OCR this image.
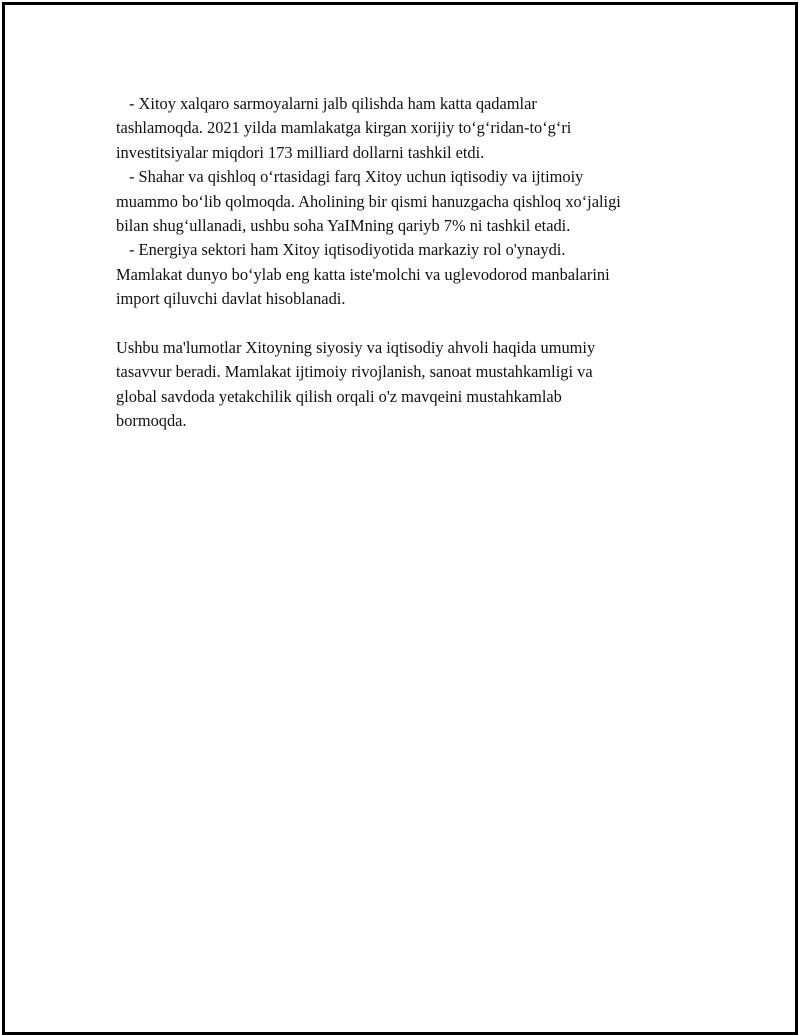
- Xitoy xalqaro sarmoyalarni jalb qilishda ham katta qadamlar
tashlamoqda. 2021 yilda mamlakatga kirgan xorijiy to‘g‘ridan-to‘g‘ri
investitsiyalar miqdori 173 milliard dollarni tashkil etdi.

- Shahar va qishloq o‘rtasidagi farq Xitoy uchun iqtisodiy va ijtimoiy
muammo bo‘lib qolmoqda. Aholining bir qismi hanuzgacha qishloq xo‘jaligi
bilan shug‘ullanadi, ushbu soha YaIMning qariyb 7% ni tashkil etadi.

- Energiya sektori ham Xitoy iqtisodiyotida markaziy rol o'ynaydi.
Mamlakat dunyo bo‘ylab eng katta iste'molchi va uglevodorod manbalarini
import qiluvchi davlat hisoblanadi.

Ushbu ma'lumotlar Xitoyning siyosiy va iqtisodiy ahvoli haqida umumiy
tasavvur beradi. Mamlakat ijtimoiy rivojlanish, sanoat mustahkamligi va
global savdoda yetakchilik qilish orqali o'z mavqeini mustahkamlab
bormoqda.
